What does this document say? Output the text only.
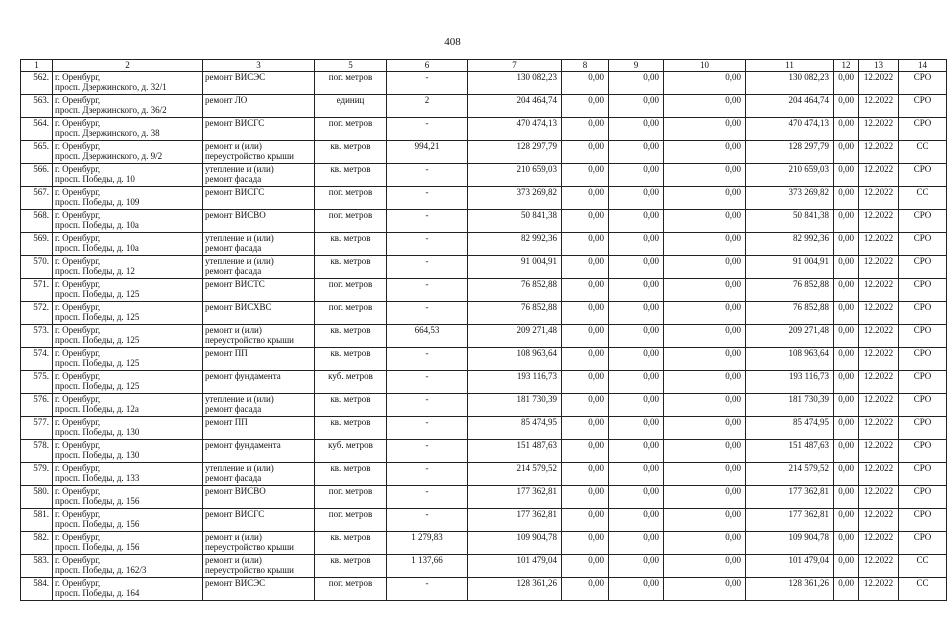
408
1	2	3	5	6	7	8	9	10	11	12	13	14

562.	г. Оренбург,
просп. Дзержинского, д. 32/1	ремонт ВИСЭС	пог. метров	-	130 082,23	0,00	0,00	0,00	130 082,23	0,00	12.2022	СРО

563.	г. Оренбург,
просп. Дзержинского, д. 36/2	ремонт ЛО	единиц	2	204 464,74	0,00	0,00	0,00	204 464,74	0,00	12.2022	СРО

564.	г. Оренбург,
просп. Дзержинского, д. 38	ремонт ВИСГС	пог. метров	-	470 474,13	0,00	0,00	0,00	470 474,13	0,00	12.2022	СРО

565.	г. Оренбург,
просп. Дзержинского, д. 9/2	ремонт и (или)
переустройство крыши	кв. метров	994,21	128 297,79	0,00	0,00	0,00	128 297,79	0,00	12.2022	СС

566.	г. Оренбург,
просп. Победы, д. 10	утепление и (или)
ремонт фасада	кв. метров	-	210 659,03	0,00	0,00	0,00	210 659,03	0,00	12.2022	СРО

567.	г. Оренбург,
просп. Победы, д. 109	ремонт ВИСГС	пог. метров	-	373 269,82	0,00	0,00	0,00	373 269,82	0,00	12.2022	СС

568.	г. Оренбург,
просп. Победы, д. 10а	ремонт ВИСВО	пог. метров	-	50 841,38	0,00	0,00	0,00	50 841,38	0,00	12.2022	СРО

569.	г. Оренбург,
просп. Победы, д. 10а	утепление и (или)
ремонт фасада	кв. метров	-	82 992,36	0,00	0,00	0,00	82 992,36	0,00	12.2022	СРО

570.	г. Оренбург,
просп. Победы, д. 12	утепление и (или)
ремонт фасада	кв. метров	-	91 004,91	0,00	0,00	0,00	91 004,91	0,00	12.2022	СРО

571.	г. Оренбург,
просп. Победы, д. 125	ремонт ВИСТС	пог. метров	-	76 852,88	0,00	0,00	0,00	76 852,88	0,00	12.2022	СРО

572.	г. Оренбург,
просп. Победы, д. 125	ремонт ВИСХВС	пог. метров	-	76 852,88	0,00	0,00	0,00	76 852,88	0,00	12.2022	СРО

573.	г. Оренбург,
просп. Победы, д. 125	ремонт и (или)
переустройство крыши	кв. метров	664,53	209 271,48	0,00	0,00	0,00	209 271,48	0,00	12.2022	СРО

574.	г. Оренбург,
просп. Победы, д. 125	ремонт ПП	кв. метров	-	108 963,64	0,00	0,00	0,00	108 963,64	0,00	12.2022	СРО

575.	г. Оренбург,
просп. Победы, д. 125	ремонт фундамента	куб. метров	-	193 116,73	0,00	0,00	0,00	193 116,73	0,00	12.2022	СРО

576.	г. Оренбург,
просп. Победы, д. 12а	утепление и (или)
ремонт фасада	кв. метров	-	181 730,39	0,00	0,00	0,00	181 730,39	0,00	12.2022	СРО

577.	г. Оренбург,
просп. Победы, д. 130	ремонт ПП	кв. метров	-	85 474,95	0,00	0,00	0,00	85 474,95	0,00	12.2022	СРО

578.	г. Оренбург,
просп. Победы, д. 130	ремонт фундамента	куб. метров	-	151 487,63	0,00	0,00	0,00	151 487,63	0,00	12.2022	СРО

579.	г. Оренбург,
просп. Победы, д. 133	утепление и (или)
ремонт фасада	кв. метров	-	214 579,52	0,00	0,00	0,00	214 579,52	0,00	12.2022	СРО

580.	г. Оренбург,
просп. Победы, д. 156	ремонт ВИСВО	пог. метров	-	177 362,81	0,00	0,00	0,00	177 362,81	0,00	12.2022	СРО

581.	г. Оренбург,
просп. Победы, д. 156	ремонт ВИСГС	пог. метров	-	177 362,81	0,00	0,00	0,00	177 362,81	0,00	12.2022	СРО

582.	г. Оренбург,
просп. Победы, д. 156	ремонт и (или)
переустройство крыши	кв. метров	1 279,83	109 904,78	0,00	0,00	0,00	109 904,78	0,00	12.2022	СРО

583.	г. Оренбург,
просп. Победы, д. 162/3	ремонт и (или)
переустройство крыши	кв. метров	1 137,66	101 479,04	0,00	0,00	0,00	101 479,04	0,00	12.2022	СС

584.	г. Оренбург,
просп. Победы, д. 164	ремонт ВИСЭС	пог. метров	-	128 361,26	0,00	0,00	0,00	128 361,26	0,00	12.2022	СС
